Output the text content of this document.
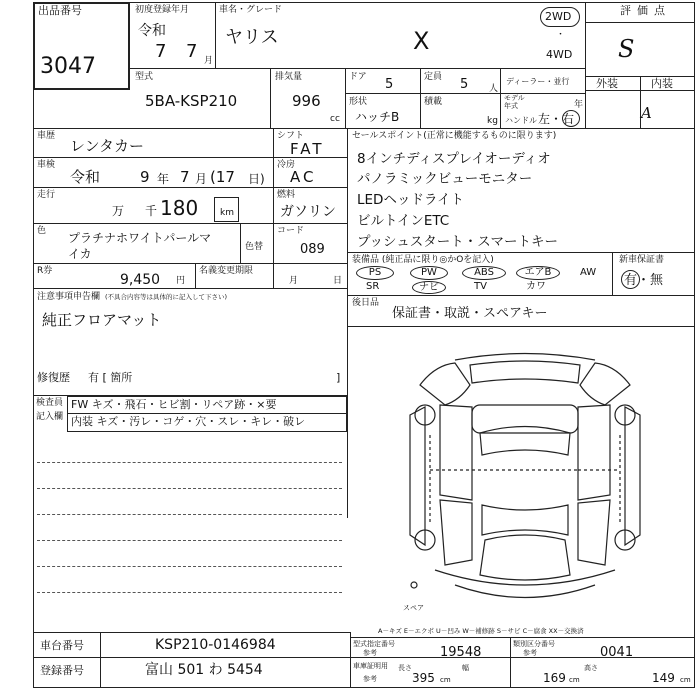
出品番号
3047
初度登録年月
令和
7 7 月
車名・グレード
ヤリス	X
2WD
・
4WD
評価点
S
外装	内装
A
型式
5BA-KSP210
排気量
996
cc
ドア 5	定員 5 人
ディーラー・並行
形状
ハッチB
積載
kg
モデル
年式	年
ハンドル 左・右
車歴
レンタカー
シフト
FAT
車検
令和	9 年 7 月 (17 日)
冷房
AC
走行
万 千 180 km
燃料
ガソリン
色 プラチナホワイトパールマ
イカ	色替
コード
089
R券
9,450 円
名義変更期限
月	日
注意事項申告欄 (不具合内容等は具体的に記入して下さい)
純正フロアマット
修復歴 有 [ 箇所	]
検査員
記入欄
FW キズ・飛石・ヒビ割・リペア跡・×要
内装 キズ・汚レ・コゲ・穴・スレ・キレ・破レ
セールスポイント(正常に機能するものに限ります)
8インチディスプレイオーディオ
パノラミックビューモニター
LEDヘッドライト
ビルトインETC
プッシュスタート・スマートキー
装備品 (純正品に限り◎かOを記入)
PS	PW	ABS	エアB	AW
SR	ナビ	TV	カワ
新車保証書
有・無
後日品
保証書・取説・スペアキー
スペア
A－キズ E－エクボ U－凹み W－補修跡 S－サビ C－腐食 XX－交換済
車台番号	KSP210-0146984
登録番号	富山 501 わ 5454
型式指定番号
参考	19548
類別区分番号
参考	0041
車庫証明用
参考
長さ
395 cm
幅
169 cm
高さ
149 cm
